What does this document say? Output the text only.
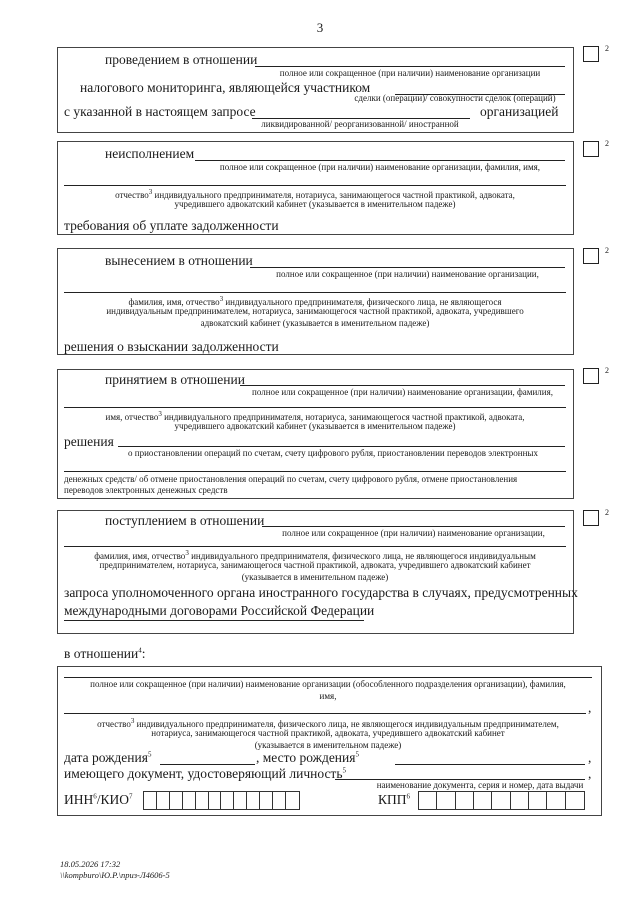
3
2
проведением в отношении
полное или сокращенное (при наличии) наименование организации
налогового мониторинга, являющейся участником
сделки (операции)/ совокупности сделок (операций)
с указанной в настоящем запросе	организацией
ликвидированной/ реорганизованной/ иностранной
2
неисполнением
полное или сокращенное (при наличии) наименование организации, фамилия, имя,
отчество$^3$ индивидуального предпринимателя, нотариуса, занимающегося частной практикой, адвоката,
учредившего адвокатский кабинет (указывается в именительном падеже)
требования об уплате задолженности
2
вынесением в отношении
полное или сокращенное (при наличии) наименование организации,
фамилия, имя, отчество$^3$ индивидуального предпринимателя, физического лица, не являющегося
индивидуальным предпринимателем, нотариуса, занимающегося частной практикой, адвоката, учредившего
адвокатский кабинет (указывается в именительном падеже)
решения о взыскании задолженности
2
принятием в отношении
полное или сокращенное (при наличии) наименование организации, фамилия,
имя, отчество$^3$ индивидуального предпринимателя, нотариуса, занимающегося частной практикой, адвоката,
учредившего адвокатский кабинет (указывается в именительном падеже)
решения
о приостановлении операций по счетам, счету цифрового рубля, приостановлении переводов электронных
денежных средств/ об отмене приостановления операций по счетам, счету цифрового рубля, отмене приостановления
переводов электронных денежных средств
2
поступлением в отношении
полное или сокращенное (при наличии) наименование организации,
фамилия, имя, отчество$^3$ индивидуального предпринимателя, физического лица, не являющегося индивидуальным
предпринимателем, нотариуса, занимающегося частной практикой, адвоката, учредившего адвокатский кабинет
(указывается в именительном падеже)
запроса уполномоченного органа иностранного государства в случаях, предусмотренных
международными договорами Российской Федерации
в отношении$^4$:
полное или сокращенное (при наличии) наименование организации (обособленного подразделения организации), фамилия,
имя,
,
отчество$^3$ индивидуального предпринимателя, физического лица, не являющегося индивидуальным предпринимателем,
нотариуса, занимающегося частной практикой, адвоката, учредившего адвокатский кабинет
(указывается в именительном падеже)
дата рождения$^5$	, место рождения$^5$	,
имеющего документ, удостоверяющий личность$^5$	,
наименование документа, серия и номер, дата выдачи
ИНН$^6$/КИО$^7$	КПП$^6$
18.05.2026 17:32
\\kompburo\Ю.Р.\приз-Л4606-5
